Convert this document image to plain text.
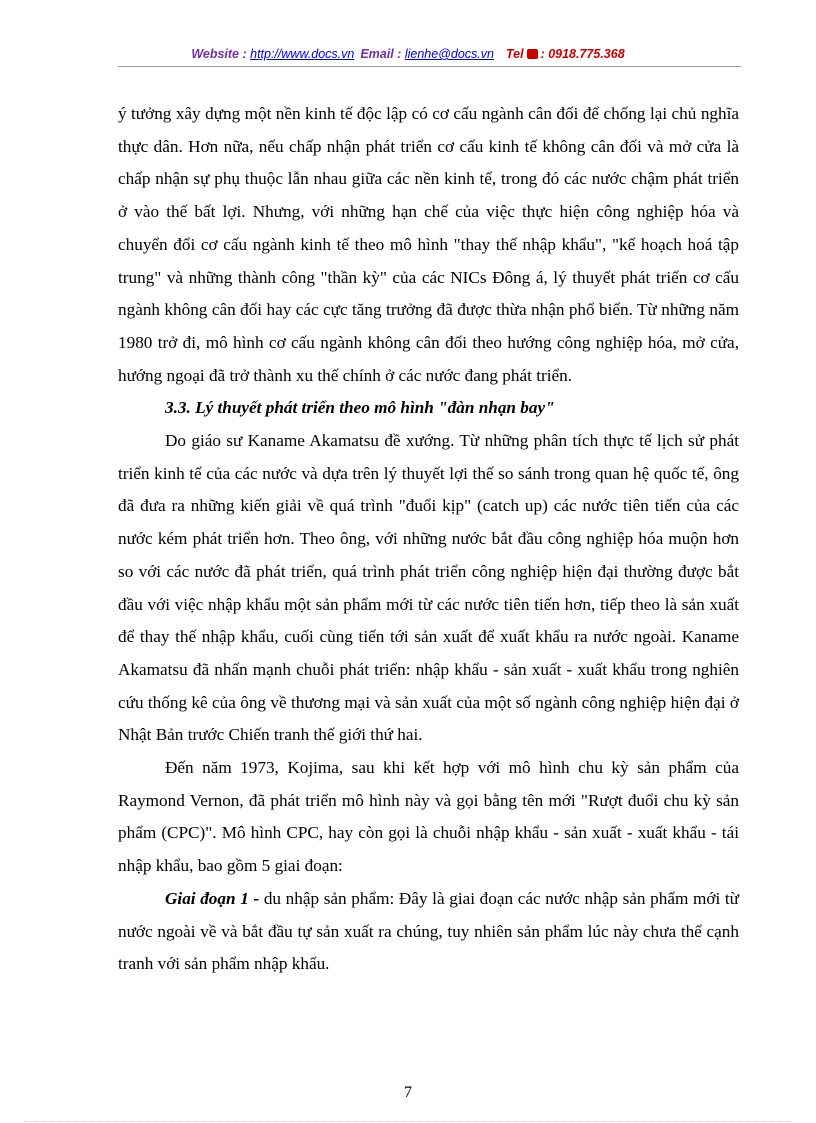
Website : http://www.docs.vn Email : lienhe@docs.vn Tel : 0918.775.368

ý tưởng xây dựng một nền kinh tế độc lập có cơ cấu ngành cân đối để chống lại chủ nghĩa thực dân. Hơn nữa, nếu chấp nhận phát triển cơ cấu kinh tế không cân đối và mở cửa là chấp nhận sự phụ thuộc lẫn nhau giữa các nền kinh tế, trong đó các nước chậm phát triển ở vào thế bất lợi. Nhưng, với những hạn chế của việc thực hiện công nghiệp hóa và chuyển đổi cơ cấu ngành kinh tế theo mô hình "thay thế nhập khẩu", "kế hoạch hoá tập trung" và những thành công "thần kỳ" của các NICs Đông á, lý thuyết phát triển cơ cấu ngành không cân đối hay các cực tăng trưởng đã được thừa nhận phổ biến. Từ những năm 1980 trở đi, mô hình cơ cấu ngành không cân đối theo hướng công nghiệp hóa, mở cửa, hướng ngoại đã trở thành xu thế chính ở các nước đang phát triển.

3.3. Lý thuyết phát triển theo mô hình "đàn nhạn bay"

Do giáo sư Kaname Akamatsu đề xướng. Từ những phân tích thực tế lịch sử phát triển kinh tế của các nước và dựa trên lý thuyết lợi thế so sánh trong quan hệ quốc tế, ông đã đưa ra những kiến giải về quá trình "đuổi kịp" (catch up) các nước tiên tiến của các nước kém phát triển hơn. Theo ông, với những nước bắt đầu công nghiệp hóa muộn hơn so với các nước đã phát triển, quá trình phát triển công nghiệp hiện đại thường được bắt đầu với việc nhập khẩu một sản phẩm mới từ các nước tiên tiến hơn, tiếp theo là sản xuất để thay thế nhập khẩu, cuối cùng tiến tới sản xuất để xuất khẩu ra nước ngoài. Kaname Akamatsu đã nhấn mạnh chuỗi phát triển: nhập khẩu - sản xuất - xuất khẩu trong nghiên cứu thống kê của ông về thương mại và sản xuất của một số ngành công nghiệp hiện đại ở Nhật Bản trước Chiến tranh thế giới thứ hai.

Đến năm 1973, Kojima, sau khi kết hợp với mô hình chu kỳ sản phẩm của Raymond Vernon, đã phát triển mô hình này và gọi bằng tên mới "Rượt đuổi chu kỳ sản phẩm (CPC)". Mô hình CPC, hay còn gọi là chuỗi nhập khẩu - sản xuất - xuất khẩu - tái nhập khẩu, bao gồm 5 giai đoạn:

Giai đoạn 1 - du nhập sản phẩm: Đây là giai đoạn các nước nhập sản phẩm mới từ nước ngoài về và bắt đầu tự sản xuất ra chúng, tuy nhiên sản phẩm lúc này chưa thể cạnh tranh với sản phẩm nhập khẩu.

7
